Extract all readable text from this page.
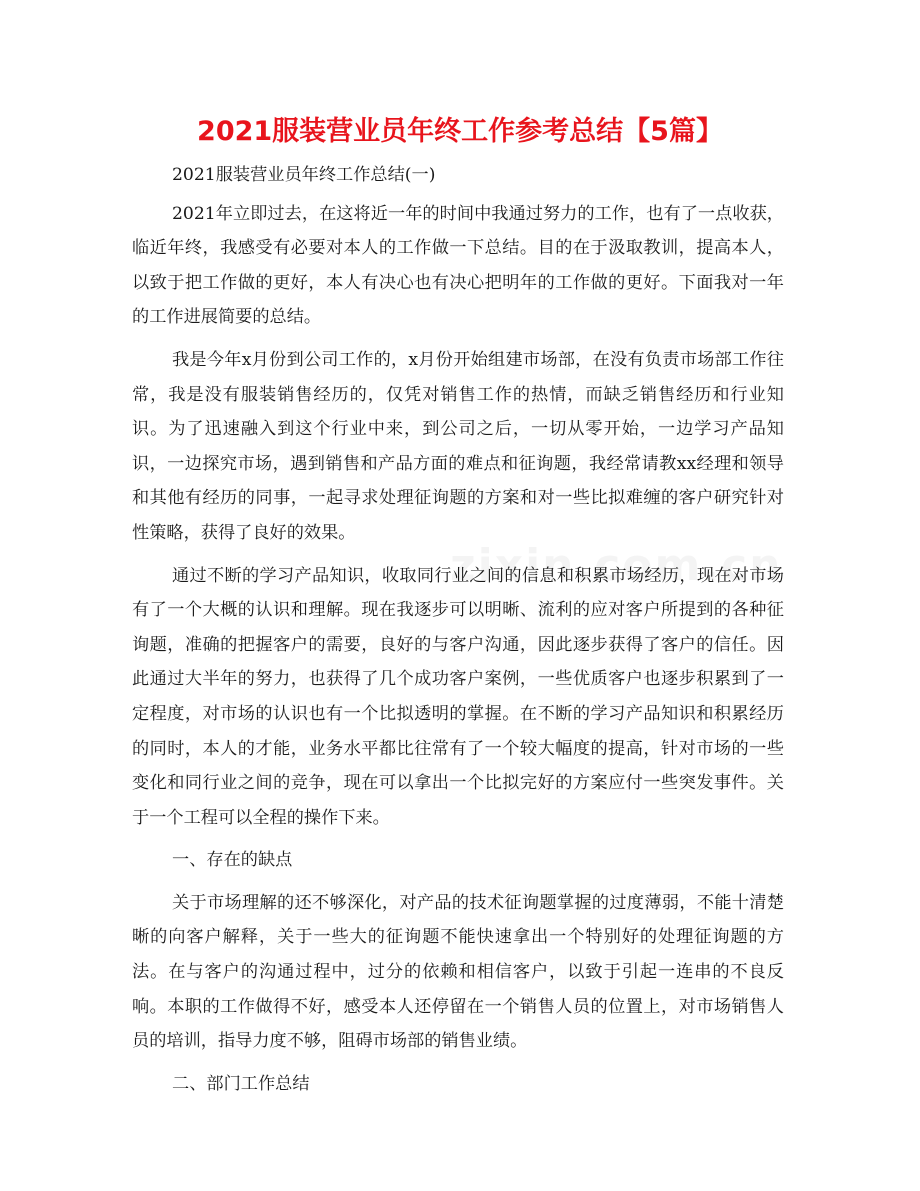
2021服装营业员年终工作参考总结【5篇】
2021服装营业员年终工作总结(一)

2021年立即过去，在这将近一年的时间中我通过努力的工作，也有了一点收获，临近年终，我感受有必要对本人的工作做一下总结。目的在于汲取教训，提高本人，以致于把工作做的更好，本人有决心也有决心把明年的工作做的更好。下面我对一年的工作进展简要的总结。

我是今年x月份到公司工作的，x月份开始组建市场部，在没有负责市场部工作往常，我是没有服装销售经历的，仅凭对销售工作的热情，而缺乏销售经历和行业知识。为了迅速融入到这个行业中来，到公司之后，一切从零开始，一边学习产品知识，一边探究市场，遇到销售和产品方面的难点和征询题，我经常请教xx经理和领导和其他有经历的同事，一起寻求处理征询题的方案和对一些比拟难缠的客户研究针对性策略，获得了良好的效果。

通过不断的学习产品知识，收取同行业之间的信息和积累市场经历，现在对市场有了一个大概的认识和理解。现在我逐步可以明晰、流利的应对客户所提到的各种征询题，准确的把握客户的需要，良好的与客户沟通，因此逐步获得了客户的信任。因此通过大半年的努力，也获得了几个成功客户案例，一些优质客户也逐步积累到了一定程度，对市场的认识也有一个比拟透明的掌握。在不断的学习产品知识和积累经历的同时，本人的才能，业务水平都比往常有了一个较大幅度的提高，针对市场的一些变化和同行业之间的竞争，现在可以拿出一个比拟完好的方案应付一些突发事件。关于一个工程可以全程的操作下来。

一、存在的缺点

关于市场理解的还不够深化，对产品的技术征询题掌握的过度薄弱，不能十清楚晰的向客户解释，关于一些大的征询题不能快速拿出一个特别好的处理征询题的方法。在与客户的沟通过程中，过分的依赖和相信客户，以致于引起一连串的不良反响。本职的工作做得不好，感受本人还停留在一个销售人员的位置上，对市场销售人员的培训，指导力度不够，阻碍市场部的销售业绩。

二、部门工作总结
